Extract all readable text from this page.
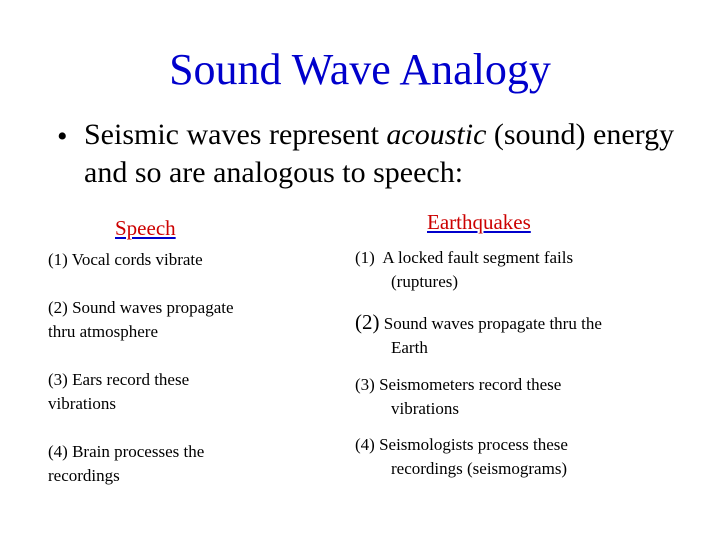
Sound Wave Analogy
• Seismic waves represent acoustic (sound) energy and so are analogous to speech:
Speech	Earthquakes
(1) Vocal cords vibrate
(2) Sound waves propagate
thru atmosphere
(3) Ears record these
vibrations
(4) Brain processes the
recordings
(1)  A locked fault segment fails
(ruptures)
(2) Sound waves propagate thru the
Earth
(3) Seismometers record these
vibrations
(4) Seismologists process these
recordings (seismograms)
